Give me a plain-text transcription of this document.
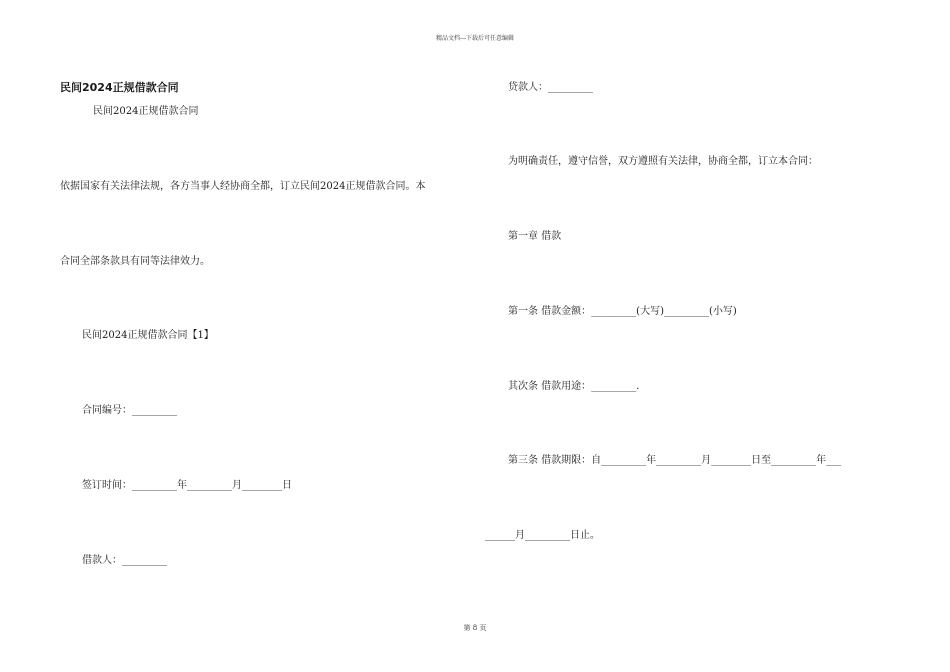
精品文档---下载后可任意编辑
民间2024正规借款合同
民间2024正规借款合同
依据国家有关法律法规，各方当事人经协商全都，订立民间2024正规借款合同。本
合同全部条款具有同等法律效力。
民间2024正规借款合同【1】
合同编号：_________
签订时间：_________年_________月________日
借款人：_________
贷款人：_________
为明确责任，遵守信誉，双方遵照有关法律，协商全都，订立本合同：
第一章 借款
第一条 借款金额：_________(大写)_________(小写)
其次条 借款用途：_________.
第三条 借款期限：自_________年_________月________日至_________年___
______月_________日止。
第 8 页
